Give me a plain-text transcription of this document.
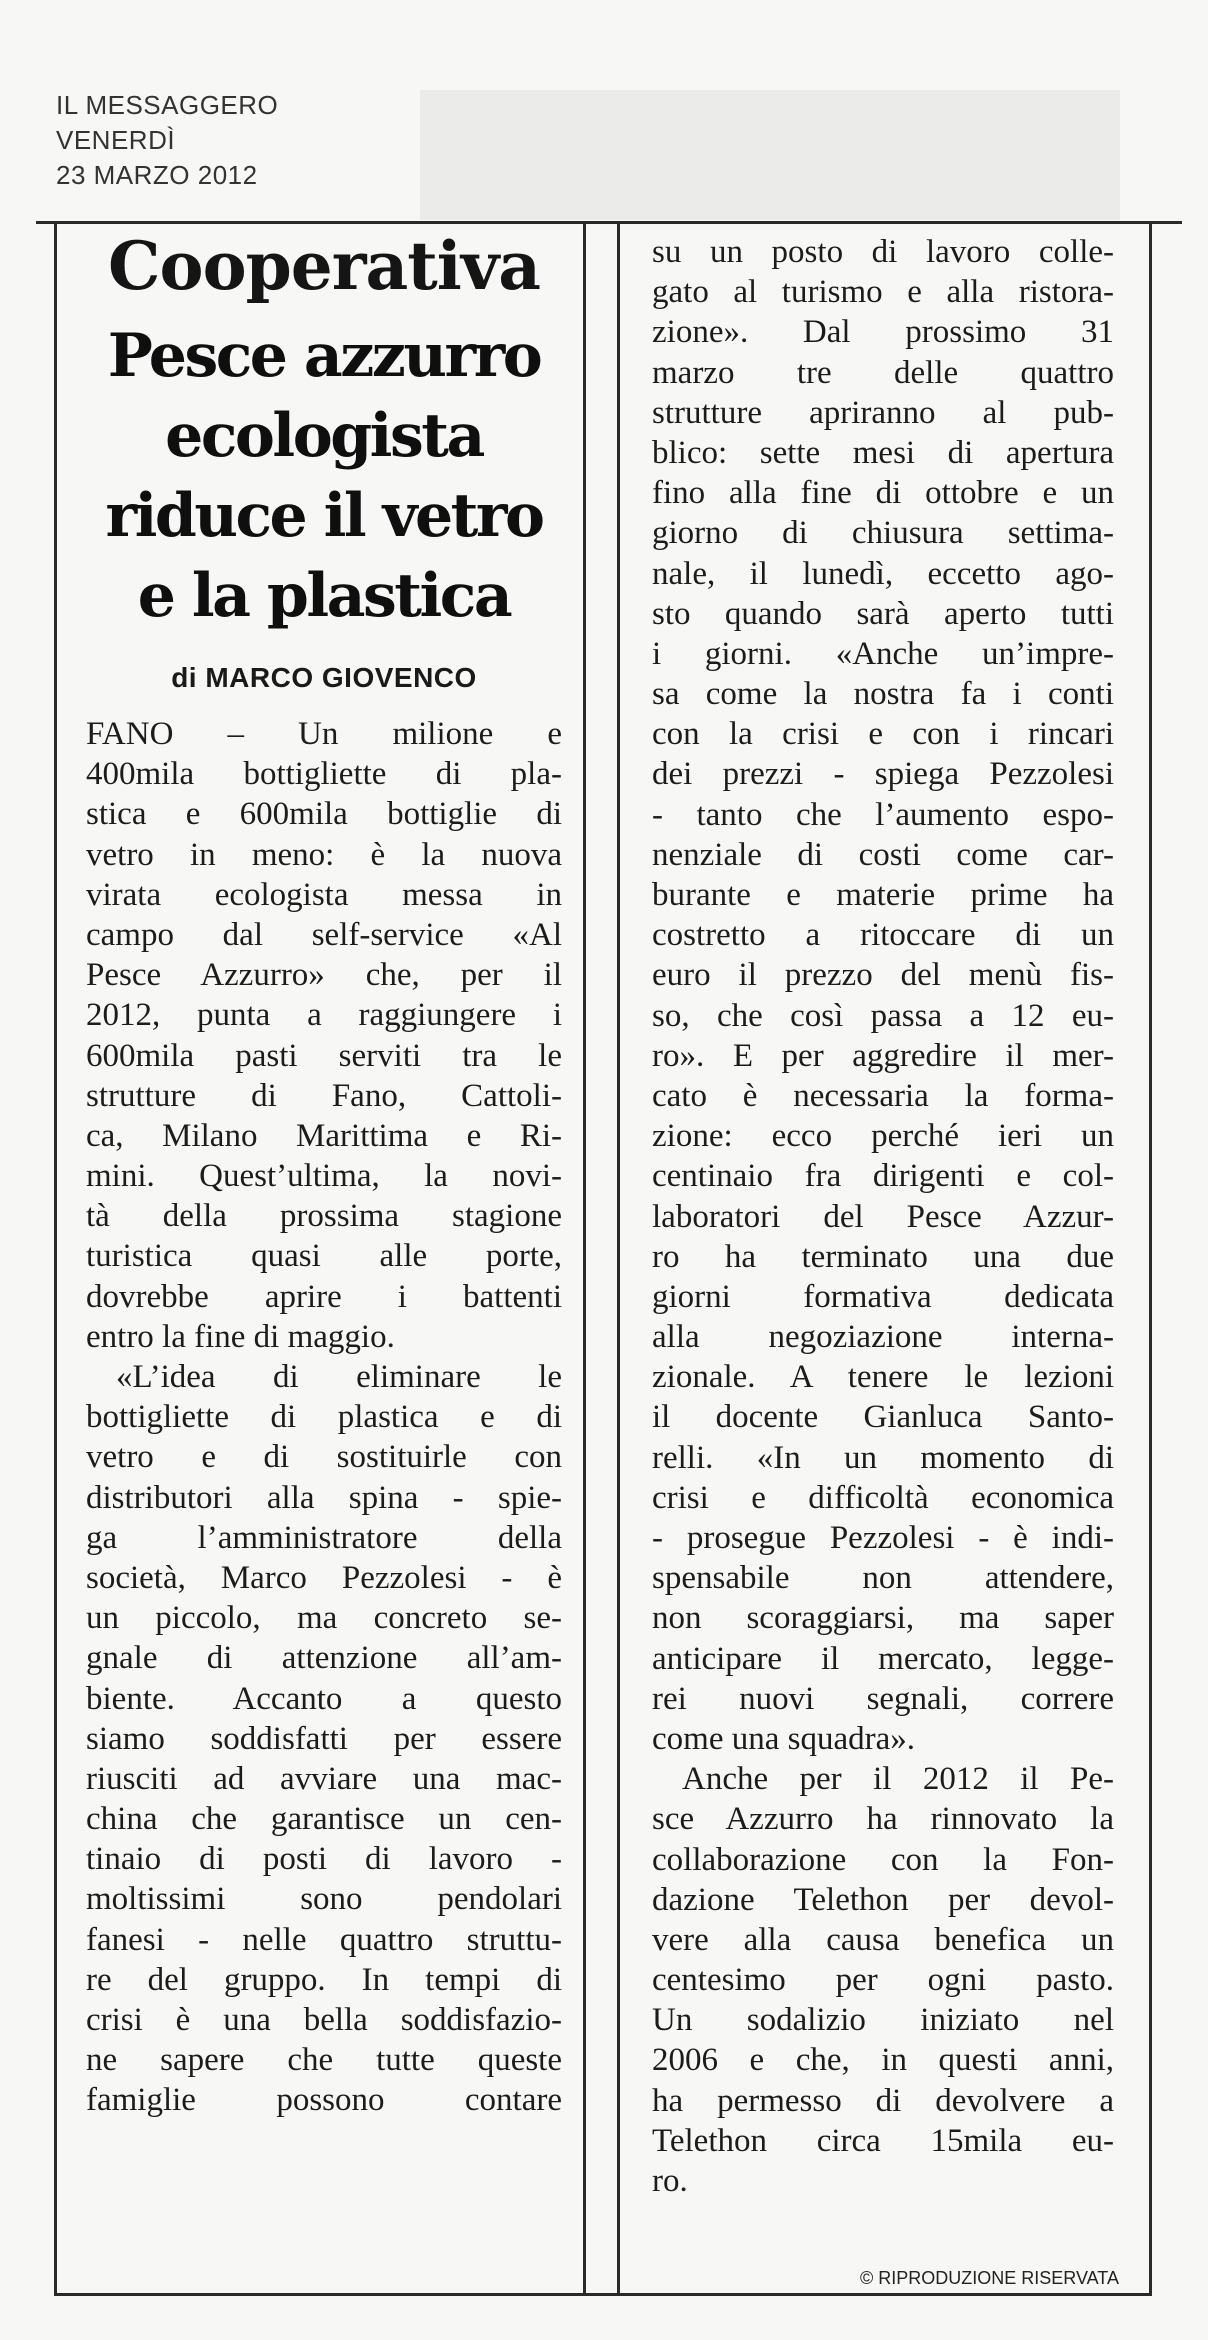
IL MESSAGGERO
VENERDÌ
23 MARZO 2012
Cooperativa
Pesce azzurro
ecologista
riduce il vetro
e la plastica
di MARCO GIOVENCO
FANO – Un milione e
400mila bottigliette di pla-
stica e 600mila bottiglie di
vetro in meno: è la nuova
virata ecologista messa in
campo dal self-service «Al
Pesce Azzurro» che, per il
2012, punta a raggiungere i
600mila pasti serviti tra le
strutture di Fano, Cattoli-
ca, Milano Marittima e Ri-
mini. Quest’ultima, la novi-
tà della prossima stagione
turistica quasi alle porte,
dovrebbe aprire i battenti
entro la fine di maggio.
«L’idea di eliminare le
bottigliette di plastica e di
vetro e di sostituirle con
distributori alla spina - spie-
ga l’amministratore della
società, Marco Pezzolesi - è
un piccolo, ma concreto se-
gnale di attenzione all’am-
biente. Accanto a questo
siamo soddisfatti per essere
riusciti ad avviare una mac-
china che garantisce un cen-
tinaio di posti di lavoro -
moltissimi sono pendolari
fanesi - nelle quattro struttu-
re del gruppo. In tempi di
crisi è una bella soddisfazio-
ne sapere che tutte queste
famiglie possono contare
su un posto di lavoro colle-
gato al turismo e alla ristora-
zione». Dal prossimo 31
marzo tre delle quattro
strutture apriranno al pub-
blico: sette mesi di apertura
fino alla fine di ottobre e un
giorno di chiusura settima-
nale, il lunedì, eccetto ago-
sto quando sarà aperto tutti
i giorni. «Anche un’impre-
sa come la nostra fa i conti
con la crisi e con i rincari
dei prezzi - spiega Pezzolesi
- tanto che l’aumento espo-
nenziale di costi come car-
burante e materie prime ha
costretto a ritoccare di un
euro il prezzo del menù fis-
so, che così passa a 12 eu-
ro». E per aggredire il mer-
cato è necessaria la forma-
zione: ecco perché ieri un
centinaio fra dirigenti e col-
laboratori del Pesce Azzur-
ro ha terminato una due
giorni formativa dedicata
alla negoziazione interna-
zionale. A tenere le lezioni
il docente Gianluca Santo-
relli. «In un momento di
crisi e difficoltà economica
- prosegue Pezzolesi - è indi-
spensabile non attendere,
non scoraggiarsi, ma saper
anticipare il mercato, legge-
rei nuovi segnali, correre
come una squadra».
Anche per il 2012 il Pe-
sce Azzurro ha rinnovato la
collaborazione con la Fon-
dazione Telethon per devol-
vere alla causa benefica un
centesimo per ogni pasto.
Un sodalizio iniziato nel
2006 e che, in questi anni,
ha permesso di devolvere a
Telethon circa 15mila eu-
ro.
© RIPRODUZIONE RISERVATA
